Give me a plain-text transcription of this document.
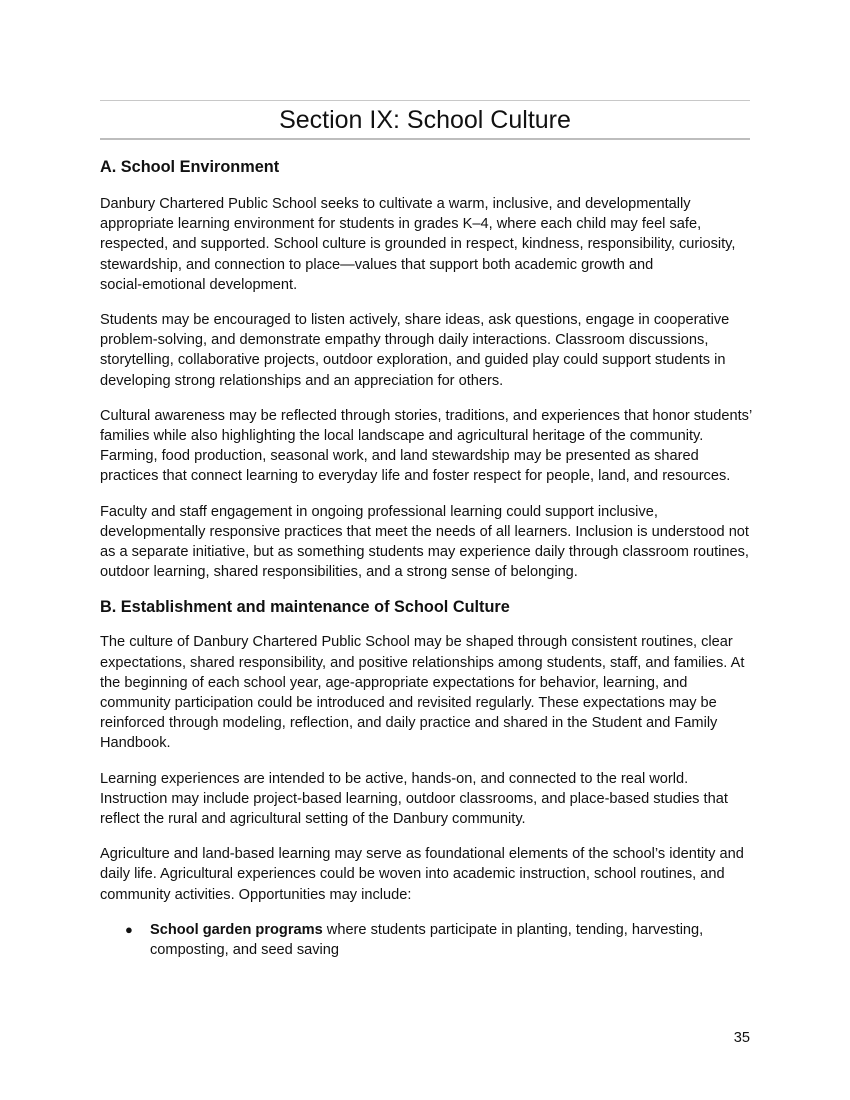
Section IX: School Culture
A. School Environment

Danbury Chartered Public School seeks to cultivate a warm, inclusive, and developmentally appropriate learning environment for students in grades K–4, where each child may feel safe, respected, and supported. School culture is grounded in respect, kindness, responsibility, curiosity, stewardship, and connection to place—values that support both academic growth and social‑emotional development.

Students may be encouraged to listen actively, share ideas, ask questions, engage in cooperative problem‑solving, and demonstrate empathy through daily interactions. Classroom discussions, storytelling, collaborative projects, outdoor exploration, and guided play could support students in developing strong relationships and an appreciation for others.

Cultural awareness may be reflected through stories, traditions, and experiences that honor students’ families while also highlighting the local landscape and agricultural heritage of the community. Farming, food production, seasonal work, and land stewardship may be presented as shared practices that connect learning to everyday life and foster respect for people, land, and resources.

Faculty and staff engagement in ongoing professional learning could support inclusive, developmentally responsive practices that meet the needs of all learners. Inclusion is understood not as a separate initiative, but as something students may experience daily through classroom routines, outdoor learning, shared responsibilities, and a strong sense of belonging.

B. Establishment and maintenance of School Culture

The culture of Danbury Chartered Public School may be shaped through consistent routines, clear expectations, shared responsibility, and positive relationships among students, staff, and families. At the beginning of each school year, age‑appropriate expectations for behavior, learning, and community participation could be introduced and revisited regularly. These expectations may be reinforced through modeling, reflection, and daily practice and shared in the Student and Family Handbook.

Learning experiences are intended to be active, hands‑on, and connected to the real world. Instruction may include project‑based learning, outdoor classrooms, and place‑based studies that reflect the rural and agricultural setting of the Danbury community.

Agriculture and land‑based learning may serve as foundational elements of the school’s identity and daily life. Agricultural experiences could be woven into academic instruction, school routines, and community activities. Opportunities may include:

● School garden programs where students participate in planting, tending, harvesting, composting, and seed saving
35
